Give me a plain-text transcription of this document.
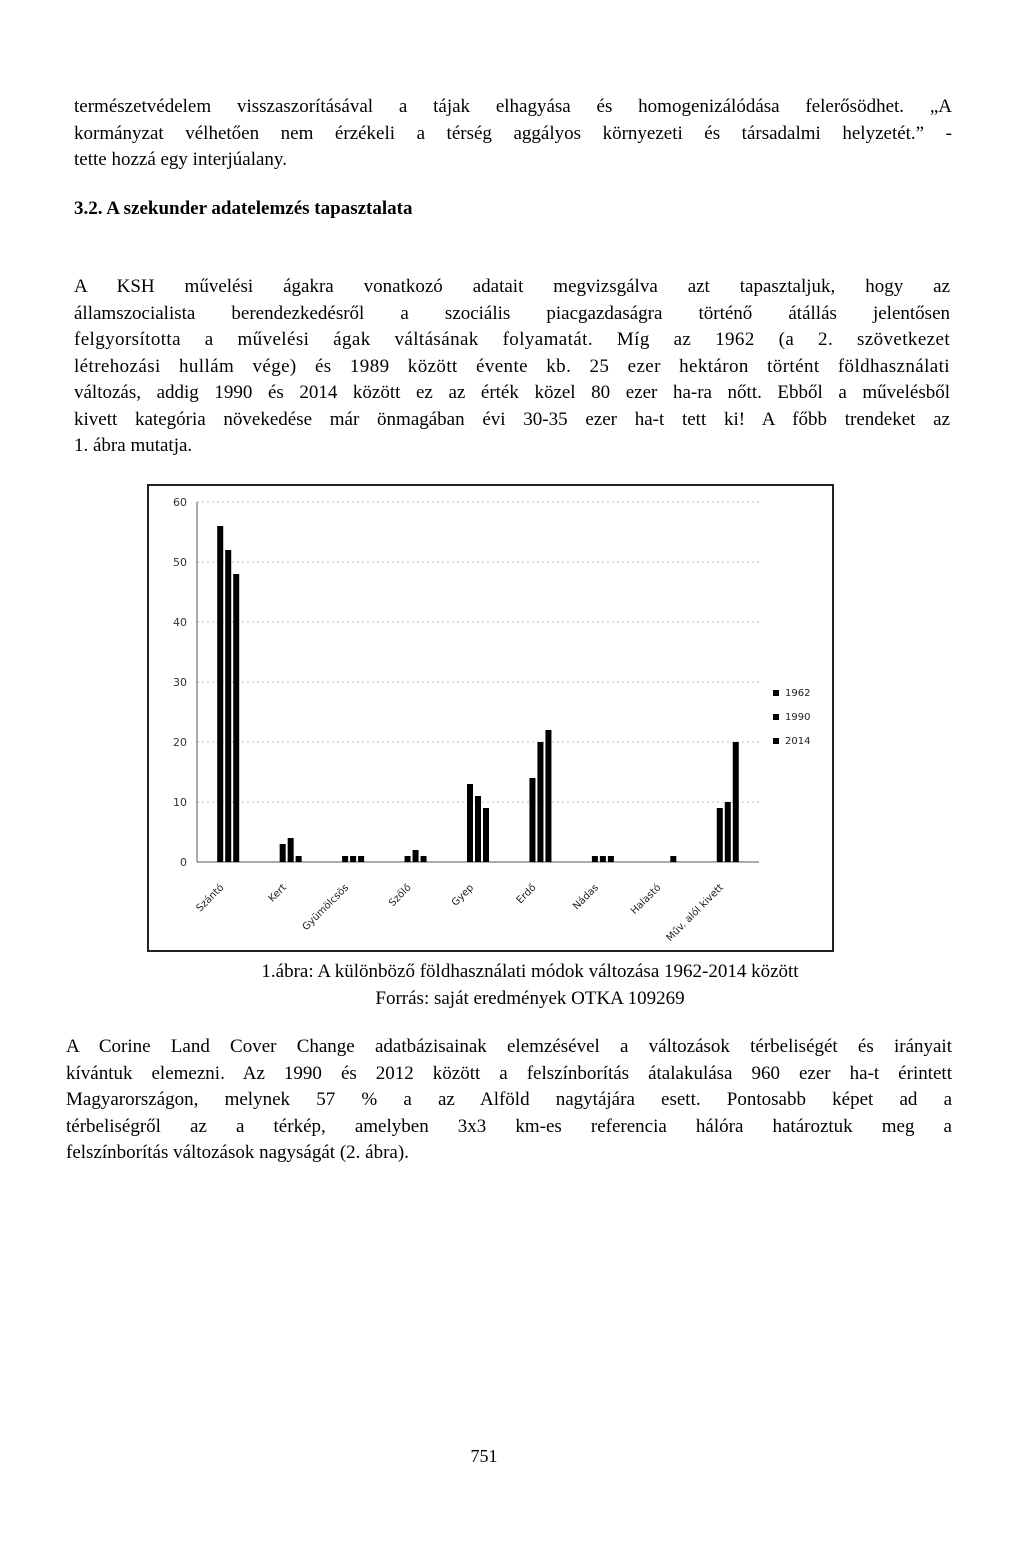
természetvédelem visszaszorításával a tájak elhagyása és homogenizálódása felerősödhet. „A
kormányzat vélhetően nem érzékeli a térség aggályos környezeti és társadalmi helyzetét.” -
tette hozzá egy interjúalany.
3.2. A szekunder adatelemzés tapasztalata
A KSH művelési ágakra vonatkozó adatait megvizsgálva azt tapasztaljuk, hogy az
államszocialista berendezkedésről a szociális piacgazdaságra történő átállás jelentősen
felgyorsította a művelési ágak váltásának folyamatát. Míg az 1962 (a 2. szövetkezet
létrehozási hullám vége) és 1989 között évente kb. 25 ezer hektáron történt földhasználati
változás, addig 1990 és 2014 között ez az érték közel 80 ezer ha-ra nőtt. Ebből a művelésből
kivett kategória növekedése már önmagában évi 30-35 ezer ha-t tett ki! A főbb trendeket az
1. ábra mutatja.
0
10
20
30
40
50
60
Szántó	Kert Gyümölcsös	Szőlő	Gyep	Erdő	Nádas	Halastó Műv. alól kivett
1962
1990
2014

1.ábra: A különböző földhasználati módok változása 1962-2014 között
Forrás: saját eredmények OTKA 109269

A Corine Land Cover Change adatbázisainak elemzésével a változások térbeliségét és irányait
kívántuk elemezni. Az 1990 és 2012 között a felszínborítás átalakulása 960 ezer ha-t érintett
Magyarországon, melynek 57 % a az Alföld nagytájára esett. Pontosabb képet ad a
térbeliségről az a térkép, amelyben 3x3 km-es referencia hálóra határoztuk meg a
felszínborítás változások nagyságát (2. ábra).
751
